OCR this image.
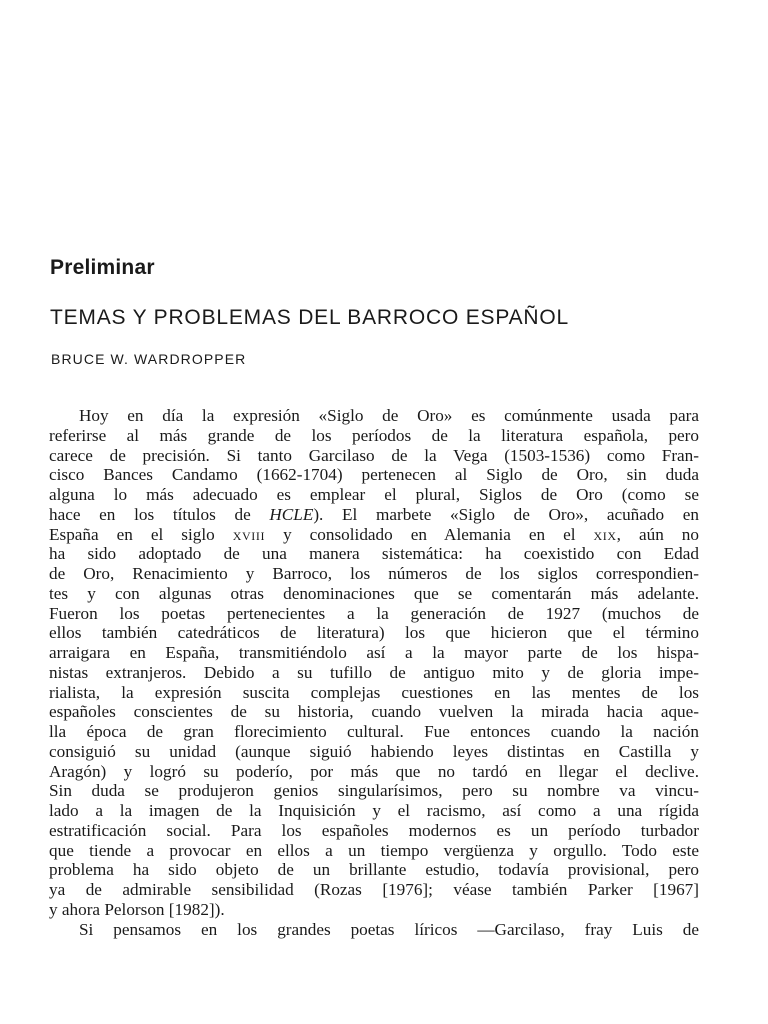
Preliminar
TEMAS Y PROBLEMAS DEL BARROCO ESPAÑOL
BRUCE W. WARDROPPER
Hoy en día la expresión «Siglo de Oro» es comúnmente usada para
referirse al más grande de los períodos de la literatura española, pero
carece de precisión. Si tanto Garcilaso de la Vega (1503-1536) como Fran-
cisco Bances Candamo (1662-1704) pertenecen al Siglo de Oro, sin duda
alguna lo más adecuado es emplear el plural, Siglos de Oro (como se
hace en los títulos de HCLE). El marbete «Siglo de Oro», acuñado en
España en el siglo xviii y consolidado en Alemania en el xix, aún no
ha sido adoptado de una manera sistemática: ha coexistido con Edad
de Oro, Renacimiento y Barroco, los números de los siglos correspondien-
tes y con algunas otras denominaciones que se comentarán más adelante.
Fueron los poetas pertenecientes a la generación de 1927 (muchos de
ellos también catedráticos de literatura) los que hicieron que el término
arraigara en España, transmitiéndolo así a la mayor parte de los hispa-
nistas extranjeros. Debido a su tufillo de antiguo mito y de gloria impe-
rialista, la expresión suscita complejas cuestiones en las mentes de los
españoles conscientes de su historia, cuando vuelven la mirada hacia aque-
lla época de gran florecimiento cultural. Fue entonces cuando la nación
consiguió su unidad (aunque siguió habiendo leyes distintas en Castilla y
Aragón) y logró su poderío, por más que no tardó en llegar el declive.
Sin duda se produjeron genios singularísimos, pero su nombre va vincu-
lado a la imagen de la Inquisición y el racismo, así como a una rígida
estratificación social. Para los españoles modernos es un período turbador
que tiende a provocar en ellos a un tiempo vergüenza y orgullo. Todo este
problema ha sido objeto de un brillante estudio, todavía provisional, pero
ya de admirable sensibilidad (Rozas [1976]; véase también Parker [1967]
y ahora Pelorson [1982]).
Si pensamos en los grandes poetas líricos —Garcilaso, fray Luis de
